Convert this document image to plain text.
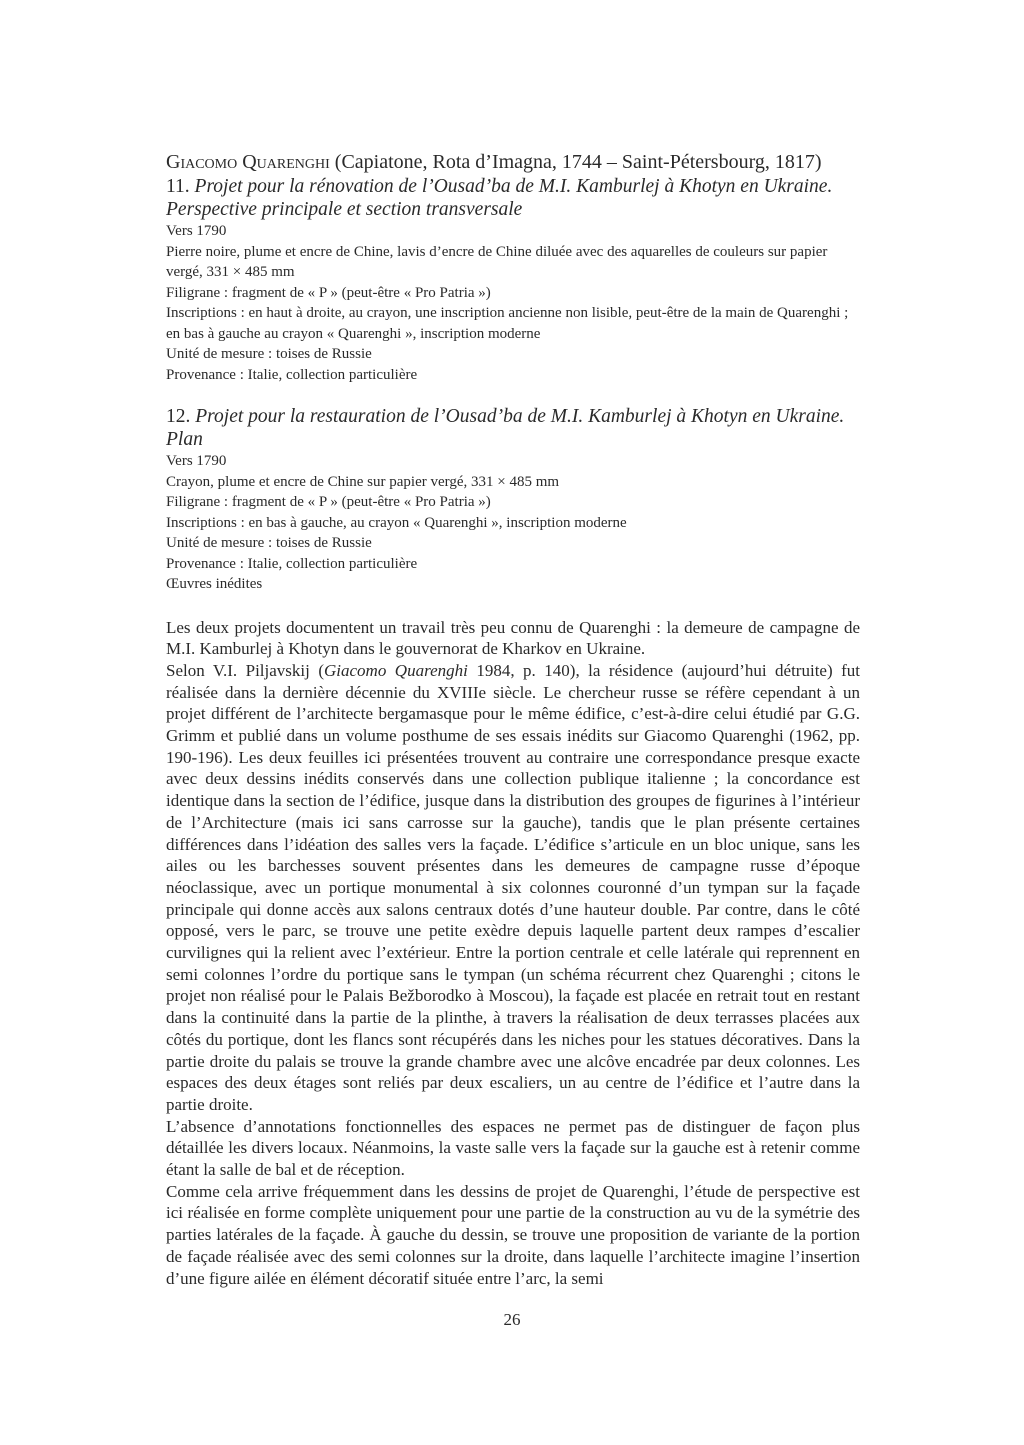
Giacomo Quarenghi (Capiatone, Rota d’Imagna, 1744 – Saint-Pétersbourg, 1817)

11. Projet pour la rénovation de l’Ousad’ba de M.I. Kamburlej à Khotyn en Ukraine. Perspective principale et section transversale

Vers 1790

Pierre noire, plume et encre de Chine, lavis d’encre de Chine diluée avec des aquarelles de couleurs sur papier vergé, 331 × 485 mm

Filigrane : fragment de « P » (peut-être « Pro Patria »)

Inscriptions : en haut à droite, au crayon, une inscription ancienne non lisible, peut-être de la main de Quarenghi ; en bas à gauche au crayon « Quarenghi », inscription moderne

Unité de mesure : toises de Russie

Provenance : Italie, collection particulière

12. Projet pour la restauration de l’Ousad’ba de M.I. Kamburlej à Khotyn en Ukraine. Plan

Vers 1790

Crayon, plume et encre de Chine sur papier vergé, 331 × 485 mm

Filigrane : fragment de « P » (peut-être « Pro Patria »)

Inscriptions : en bas à gauche, au crayon « Quarenghi », inscription moderne

Unité de mesure : toises de Russie

Provenance : Italie, collection particulière

Œuvres inédites

Les deux projets documentent un travail très peu connu de Quarenghi : la demeure de campagne de M.I. Kamburlej à Khotyn dans le gouvernorat de Kharkov en Ukraine.

Selon V.I. Piljavskij (Giacomo Quarenghi 1984, p. 140), la résidence (aujourd’hui détruite) fut réalisée dans la dernière décennie du XVIIIe siècle. Le chercheur russe se réfère cependant à un projet différent de l’architecte bergamasque pour le même édifice, c’est-à-dire celui étudié par G.G. Grimm et publié dans un volume posthume de ses essais inédits sur Giacomo Quarenghi (1962, pp. 190-196). Les deux feuilles ici présentées trouvent au contraire une correspondance presque exacte avec deux dessins inédits conservés dans une collection publique italienne ; la concordance est identique dans la section de l’édifice, jusque dans la distribution des groupes de figurines à l’intérieur de l’Architecture (mais ici sans carrosse sur la gauche), tandis que le plan présente certaines différences dans l’idéation des salles vers la façade. L’édifice s’articule en un bloc unique, sans les ailes ou les barchesses souvent présentes dans les demeures de campagne russe d’époque néoclassique, avec un portique monumental à six colonnes couronné d’un tympan sur la façade principale qui donne accès aux salons centraux dotés d’une hauteur double. Par contre, dans le côté opposé, vers le parc, se trouve une petite exèdre depuis laquelle partent deux rampes d’escalier curvilignes qui la relient avec l’extérieur. Entre la portion centrale et celle latérale qui reprennent en semi colonnes l’ordre du portique sans le tympan (un schéma récurrent chez Quarenghi ; citons le projet non réalisé pour le Palais Bežborodko à Moscou), la façade est placée en retrait tout en restant dans la continuité dans la partie de la plinthe, à travers la réalisation de deux terrasses placées aux côtés du portique, dont les flancs sont récupérés dans les niches pour les statues décoratives. Dans la partie droite du palais se trouve la grande chambre avec une alcôve encadrée par deux colonnes. Les espaces des deux étages sont reliés par deux escaliers, un au centre de l’édifice et l’autre dans la partie droite.

L’absence d’annotations fonctionnelles des espaces ne permet pas de distinguer de façon plus détaillée les divers locaux. Néanmoins, la vaste salle vers la façade sur la gauche est à retenir comme étant la salle de bal et de réception.

Comme cela arrive fréquemment dans les dessins de projet de Quarenghi, l’étude de perspective est ici réalisée en forme complète uniquement pour une partie de la construction au vu de la symétrie des parties latérales de la façade. À gauche du dessin, se trouve une proposition de variante de la portion de façade réalisée avec des semi colonnes sur la droite, dans laquelle l’architecte imagine l’insertion d’une figure ailée en élément décoratif située entre l’arc, la semi

26
